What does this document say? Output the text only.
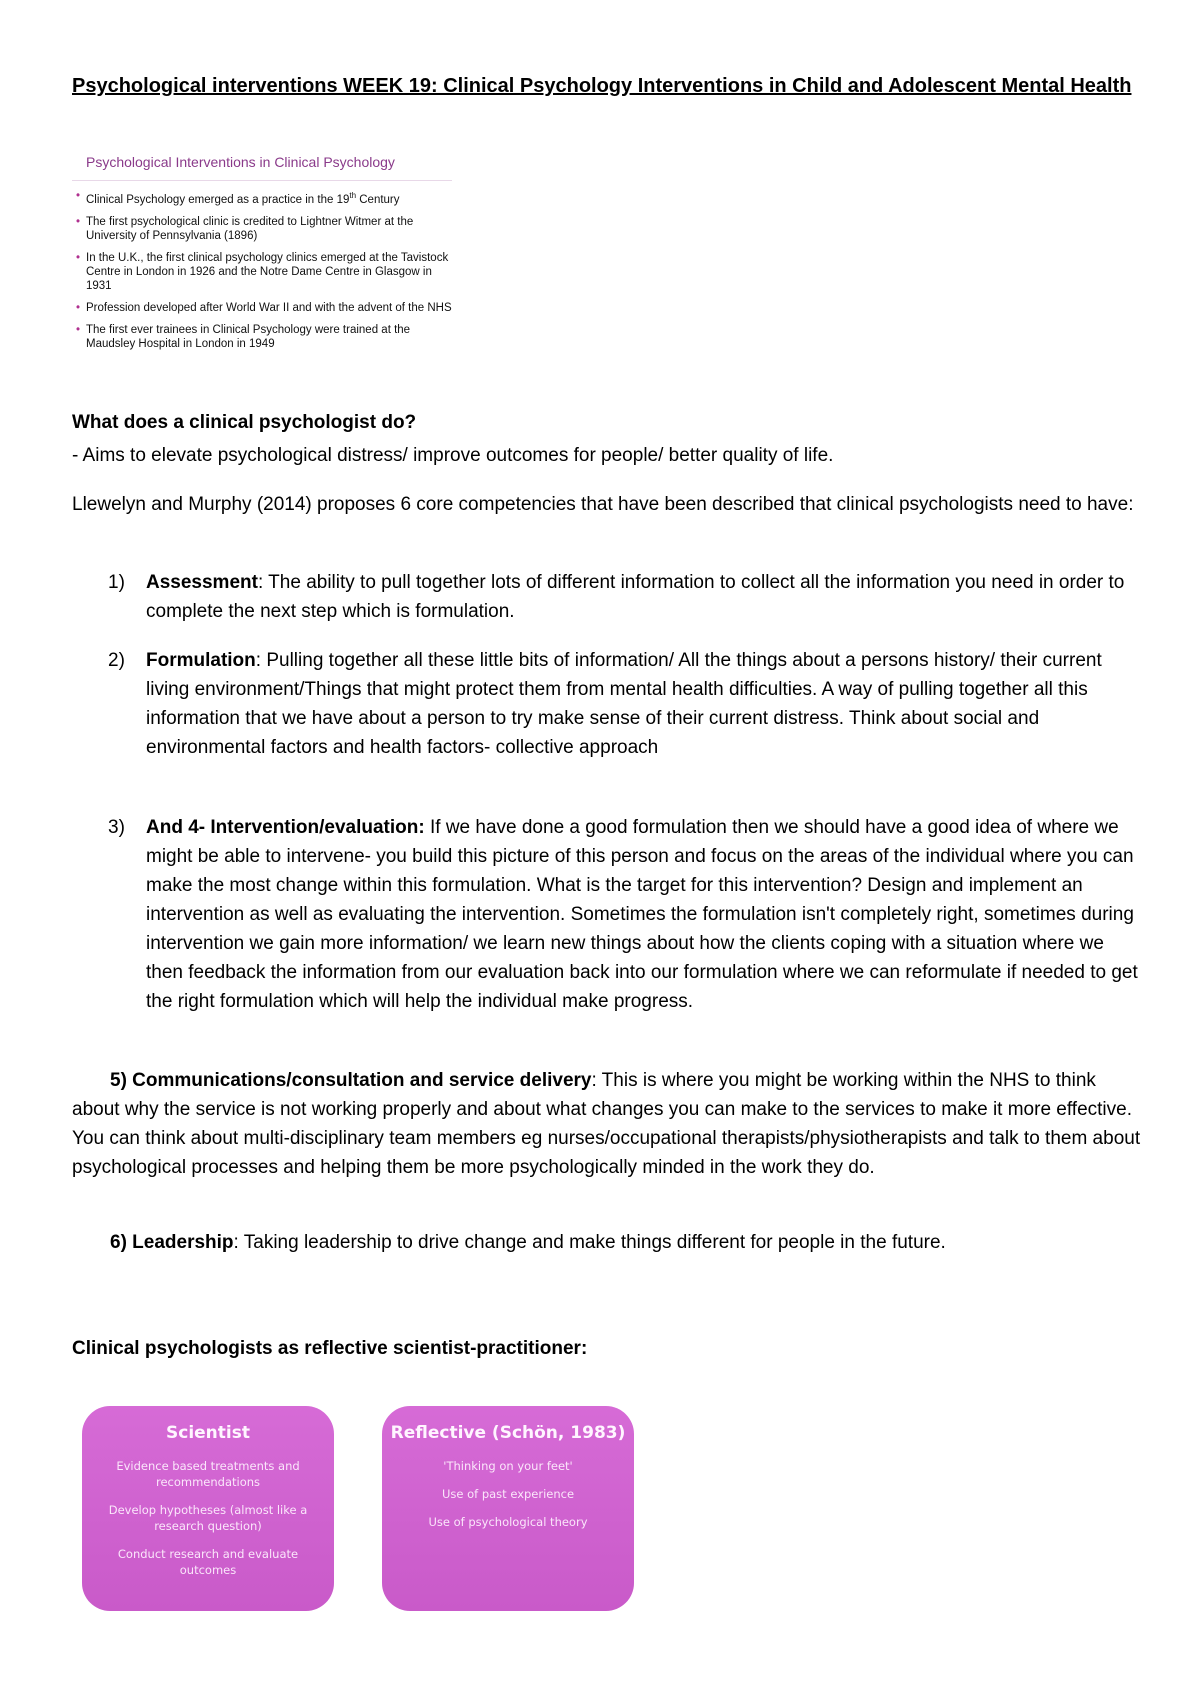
Psychological interventions WEEK 19: Clinical Psychology Interventions in Child and Adolescent Mental Health
Psychological Interventions in Clinical Psychology
• Clinical Psychology emerged as a practice in the 19th Century
• The first psychological clinic is credited to Lightner Witmer at the University of Pennsylvania (1896)
• In the U.K., the first clinical psychology clinics emerged at the Tavistock Centre in London in 1926 and the Notre Dame Centre in Glasgow in 1931
• Profession developed after World War II and with the advent of the NHS
• The first ever trainees in Clinical Psychology were trained at the Maudsley Hospital in London in 1949
What does a clinical psychologist do?
- Aims to elevate psychological distress/ improve outcomes for people/ better quality of life.
Llewelyn and Murphy (2014) proposes 6 core competencies that have been described that clinical psychologists need to have:
1) Assessment: The ability to pull together lots of different information to collect all the information you need in order to complete the next step which is formulation.
2) Formulation: Pulling together all these little bits of information/ All the things about a persons history/ their current living environment/Things that might protect them from mental health difficulties. A way of pulling together all this information that we have about a person to try make sense of their current distress. Think about social and environmental factors and health factors- collective approach
3) And 4- Intervention/evaluation: If we have done a good formulation then we should have a good idea of where we might be able to intervene- you build this picture of this person and focus on the areas of the individual where you can make the most change within this formulation. What is the target for this intervention? Design and implement an intervention as well as evaluating the intervention. Sometimes the formulation isn't completely right, sometimes during intervention we gain more information/ we learn new things about how the clients coping with a situation where we then feedback the information from our evaluation back into our formulation where we can reformulate if needed to get the right formulation which will help the individual make progress.
5) Communications/consultation and service delivery: This is where you might be working within the NHS to think about why the service is not working properly and about what changes you can make to the services to make it more effective. You can think about multi-disciplinary team members eg nurses/occupational therapists/physiotherapists and talk to them about psychological processes and helping them be more psychologically minded in the work they do.
6) Leadership: Taking leadership to drive change and make things different for people in the future.
Clinical psychologists as reflective scientist-practitioner:
Scientist
Evidence based treatments and recommendations
Develop hypotheses (almost like a research question)
Conduct research and evaluate outcomes
Reflective (Schön, 1983)
'Thinking on your feet'
Use of past experience
Use of psychological theory
